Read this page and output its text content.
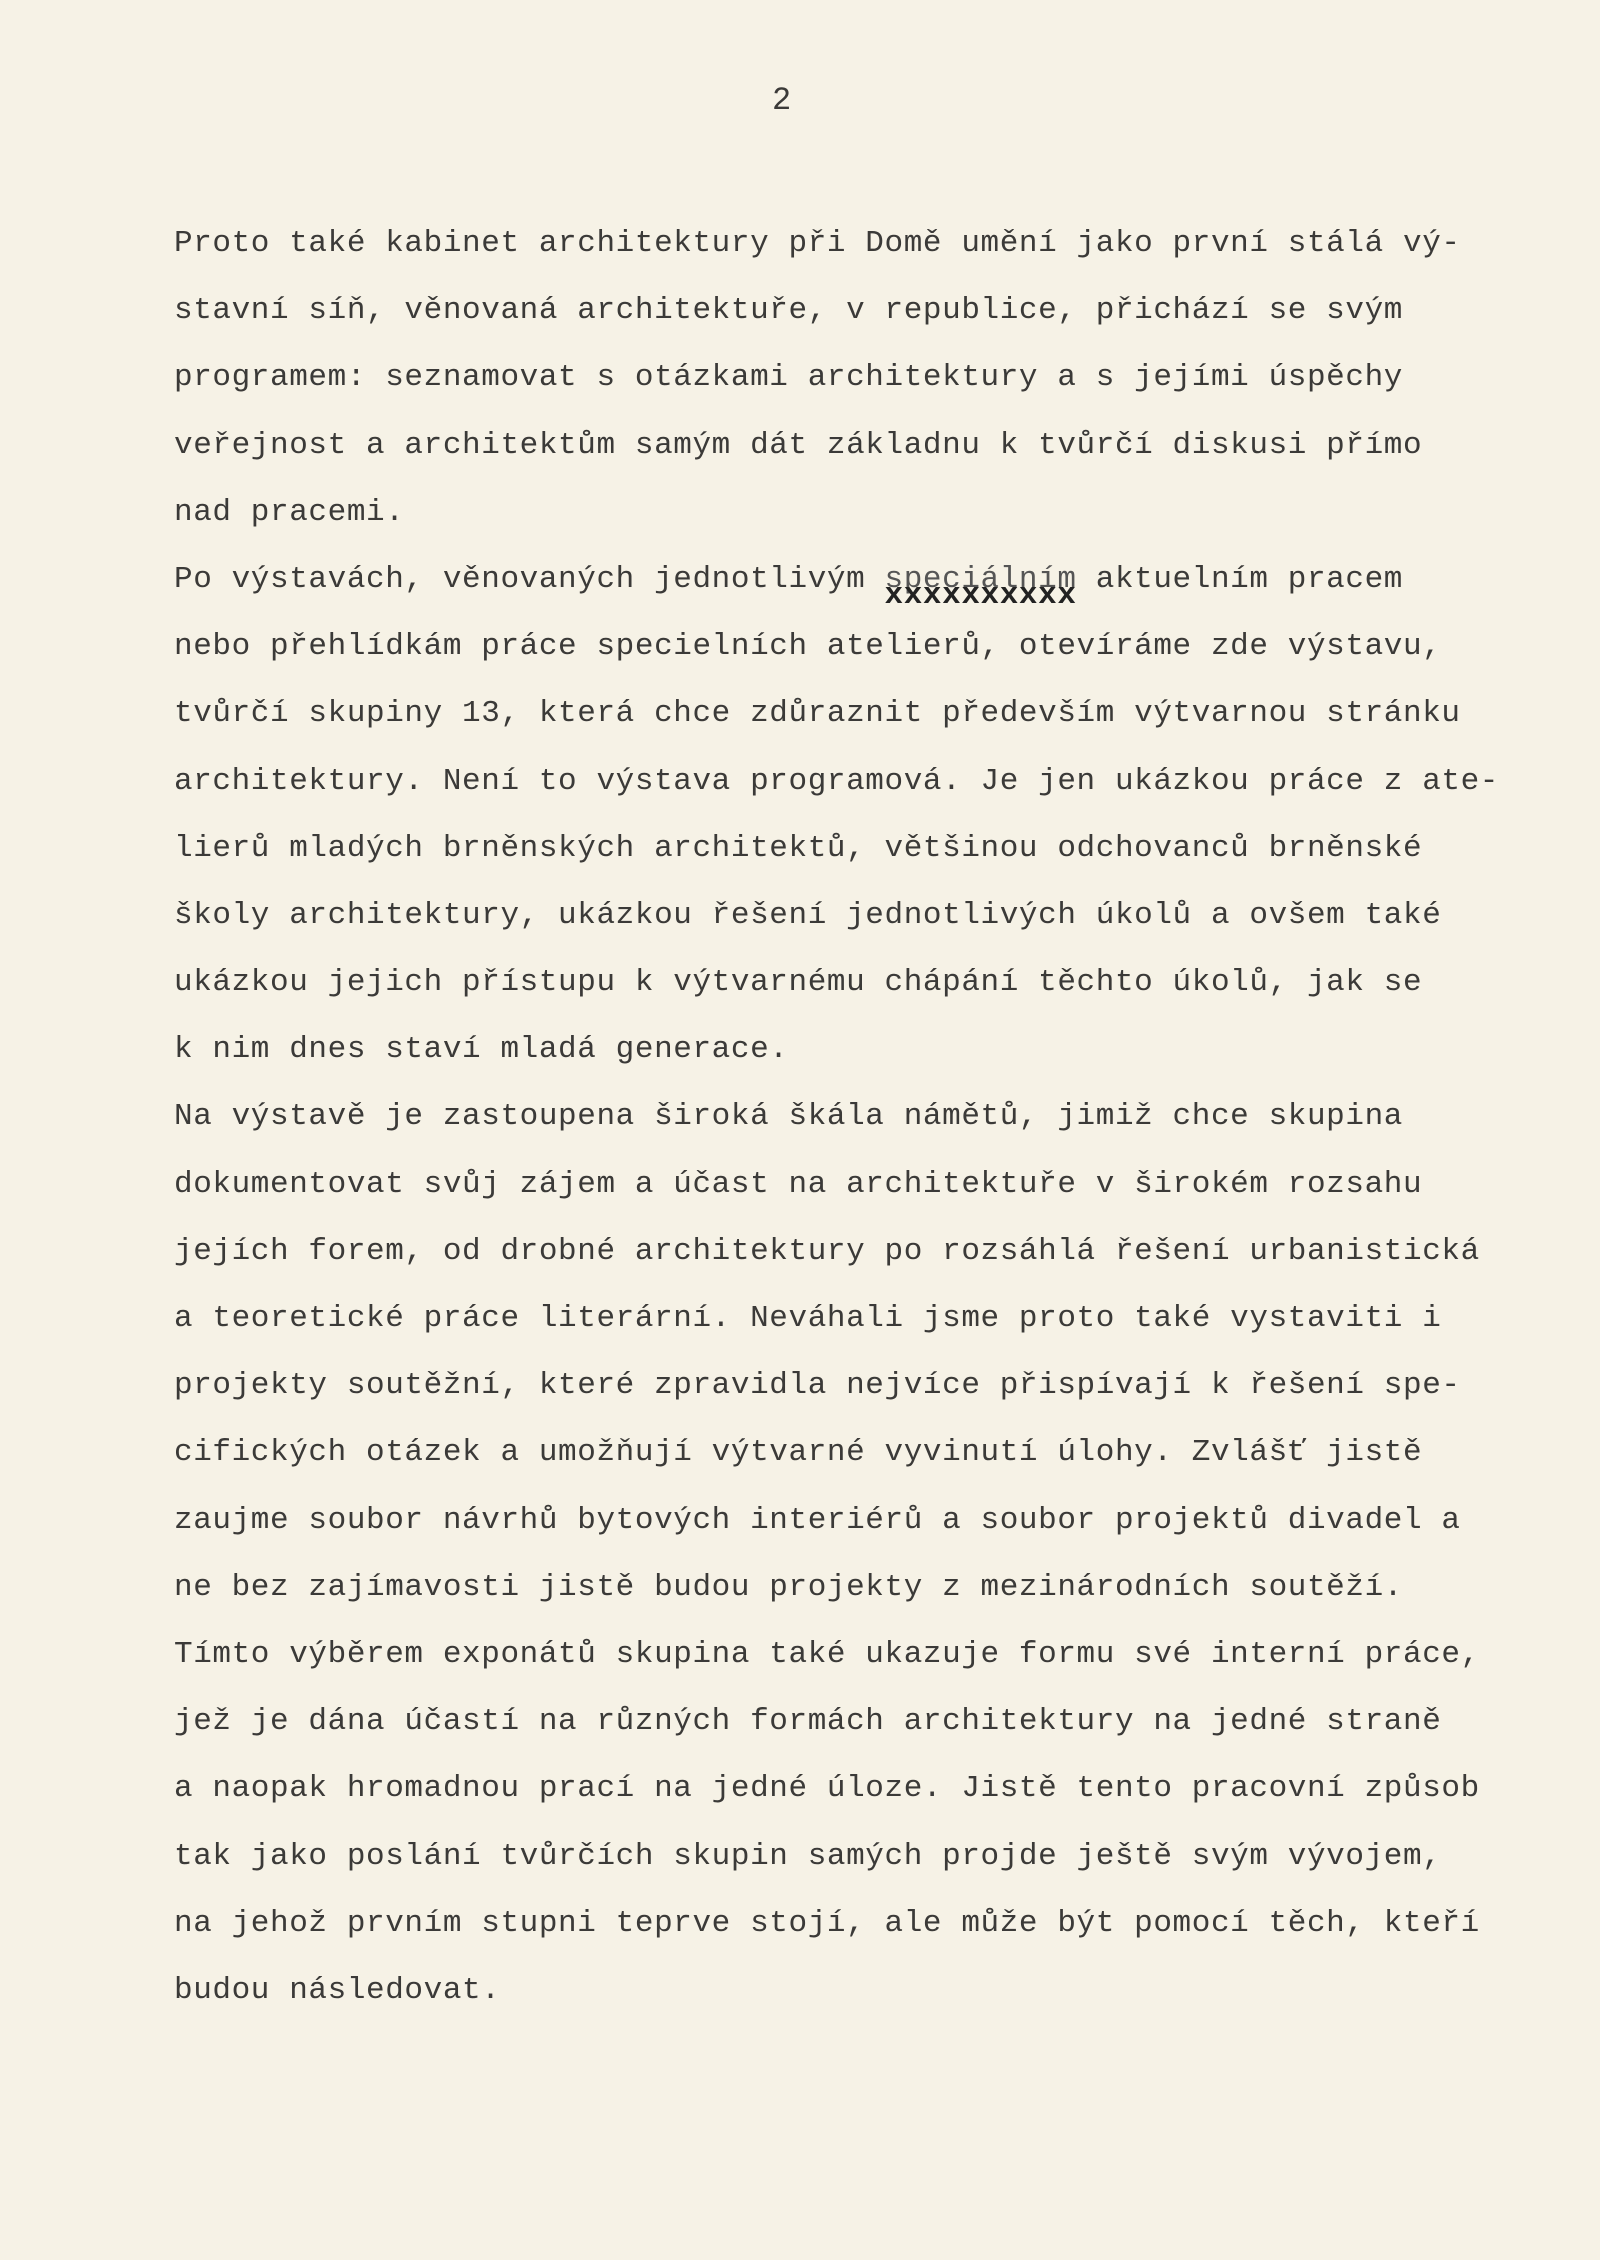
2
Proto také kabinet architektury při Domě umění jako první stálá vý-
stavní síň, věnovaná architektuře, v republice, přichází se svým
programem: seznamovat s otázkami architektury a s jejími úspěchy
veřejnost a architektům samým dát základnu k tvůrčí diskusi přímo
nad pracemi.
Po výstavách, věnovaných jednotlivým speciálním xxxxxxxxxx aktuelním pracem
nebo přehlídkám práce specielních atelierů, otevíráme zde výstavu,
tvůrčí skupiny 13, která chce zdůraznit především výtvarnou stránku
architektury. Není to výstava programová. Je jen ukázkou práce z ate-
lierů mladých brněnských architektů, většinou odchovanců brněnské
školy architektury, ukázkou řešení jednotlivých úkolů a ovšem také
ukázkou jejich přístupu k výtvarnému chápání těchto úkolů, jak se
k nim dnes staví mladá generace.
Na výstavě je zastoupena široká škála námětů, jimiž chce skupina
dokumentovat svůj zájem a účast na architektuře v širokém rozsahu
jejích forem, od drobné architektury po rozsáhlá řešení urbanistická
a teoretické práce literární. Neváhali jsme proto také vystaviti i
projekty soutěžní, které zpravidla nejvíce přispívají k řešení spe-
cifických otázek a umožňují výtvarné vyvinutí úlohy. Zvlášť jistě
zaujme soubor návrhů bytových interiérů a soubor projektů divadel a
ne bez zajímavosti jistě budou projekty z mezinárodních soutěží.
Tímto výběrem exponátů skupina také ukazuje formu své interní práce,
jež je dána účastí na různých formách architektury na jedné straně
a naopak hromadnou prací na jedné úloze. Jistě tento pracovní způsob
tak jako poslání tvůrčích skupin samých projde ještě svým vývojem,
na jehož prvním stupni teprve stojí, ale může být pomocí těch, kteří
budou následovat.
